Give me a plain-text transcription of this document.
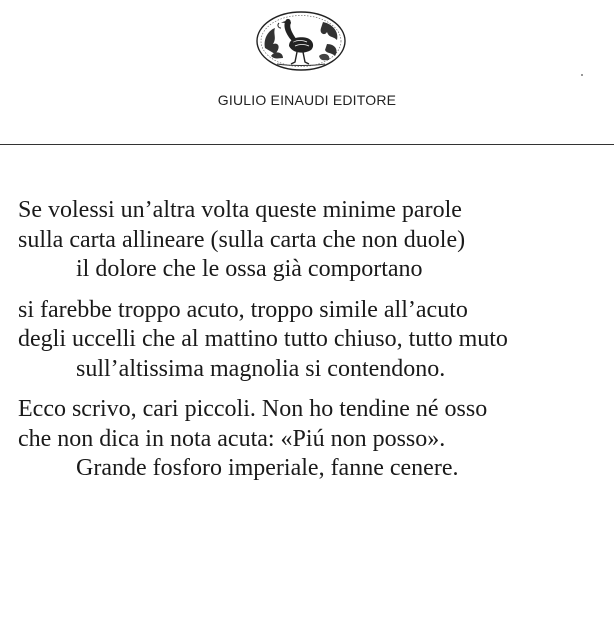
GIULIO EINAUDI EDITORE
Se volessi un’altra volta queste minime parole
sulla carta allineare (sulla carta che non duole)
il dolore che le ossa già comportano
si farebbe troppo acuto, troppo simile all’acuto
degli uccelli che al mattino tutto chiuso, tutto muto
sull’altissima magnolia si contendono.
Ecco scrivo, cari piccoli. Non ho tendine né osso
che non dica in nota acuta: «Piú non posso».
Grande fosforo imperiale, fanne cenere.
